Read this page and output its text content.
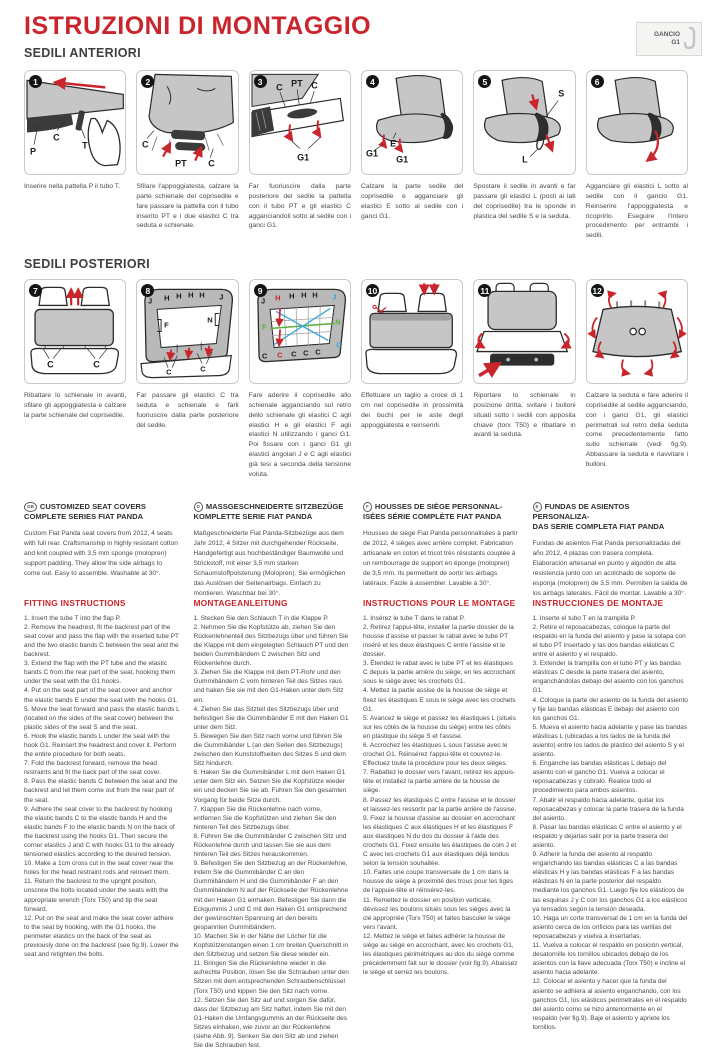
ISTRUZIONI DI MONTAGGIO
SEDILI ANTERIORI
GANCIO
G1
1
P
C
T
Inserire nella pattella P il tubo T.
2
C
PT C
Sfilare l'appoggiatesta, calzare la parte schienale del coprisedile e fare passare la pattella con il tubo inserito PT e i due elastici C tra seduta e schienale.
3
C PT C
G1
Far fuoriuscire dalla parte posteriore del sedile la pattella con il tubo PT e gli elastici C agganciandoli sotto al sedile con i ganci G1.
4
G1
E
G1
Calzare la parte sedile del coprisedile e agganciare gli elastici E sotto al sedile con i ganci G1.
5
S
L
Spostare il sedile in avanti e far passare gli elastici L (posti ai lati del coprisedile) tra le sponde in plastica del sedile S e la seduta.
6
Agganciare gli elastici L sotto al sedile con il gancio G1. Reinserire l'appoggiatesta e ricoprirlo. Eseguire l'intero procedimento per entrambi i sedili.
SEDILI POSTERIORI
7
C	C
Ribaltare lo schienale in avanti, sfilare gli appoggiatesta e calzare la parte schienale del coprisedile.
8
J H H H H J
F
N
C	C
Far passare gli elastici C tra seduta e schienale e farli fuoriuscire dalla parte posteriore del sedile.
9
J H H H H J
F
N
C C C C C
C
Fare aderire il coprisedile allo schienale agganciando sul retro dello schienale gli elastici C agli elastici H e gli elastici F agli elastici N utilizzando i ganci G1. Poi fissare con i ganci G1 gli elastici angolari J e C agli elastici già tesi a seconda della tensione voluta.
10
Effettuare un taglio a croce di 1 cm nel coprisedile in prossimità dei buchi per le aste degli appoggiatesta e reinserirli.
11
Riportare lo schienale in posizione dritta, svitare i bulloni situati sotto i sedili con apposita chiave (torx T50) e ribaltare in avanti la seduta.
12
Calzare la seduta e fare aderire il coprisedile al sedile agganciando, con i ganci G1, gli elastici perimetrali sul retro della seduta come precedentemente fatto sullo schienale (vedi fig.9). Abbassare la seduta e riavvitare i bulloni.

GB CUSTOMIZED SEAT COVERS
COMPLETE SERIES FIAT PANDA

Custom Fiat Panda seat covers from 2012, 4 seats with full rear. Craftsmanship in highly resistant cotton and knit coupled with 3,5 mm sponge (molopren) support padding. They allow the side airbags to come out. Easy to assemble. Washable at 30°.

FITTING INSTRUCTIONS

1. Insert the tube T into the flap P.

2. Remove the headrest, fit the backrest part of the seat cover and pass the flap with the inserted tube PT and the two elastic bands C between the seat and the backrest.

3. Extend the flap with the PT tube and the elastic bands C from the rear part of the seat, hooking them under the seat with the G1 hooks.

4. Put on the seat part of the seat cover and anchor the elastic bands E under the seat with the hooks G1.

5. Move the seat forward and pass the elastic bands L (located on the sides of the seat cover) between the plastic sides of the seat S and the seat.

6. Hook the elastic bands L under the seat with the hook G1. Reinsert the headrest and cover it. Perform the entire procedure for both seats.

7. Fold the backrest forward, remove the head restraints and fit the back part of the seat cover.

8. Pass the elastic bands C between the seat and the backrest and let them come out from the rear part of the seat.

9. Adhere the seat cover to the backrest by hooking the elastic bands C to the elastic bands H and the elastic bands F to the elastic bands N on the back of the backrest using the hooks G1. Then secure the corner elastics J and C with hooks G1 to the already tensioned elastics according to the desired tension.

10. Make a 1cm cross cut in the seat cover near the holes for the head restraint rods and reinsert them.

11. Return the backrest to the upright position, unscrew the bolts located under the seats with the appropriate wrench (Torx T50) and tip the seat forward.

12. Put on the seat and make the seat cover adhere to the seat by hooking, with the G1 hooks, the perimeter elastics on the back of the seat as previously done on the backrest (see fig.9). Lower the seat and retighten the bolts.

D MASSGESCHNEIDERTE SITZBEZÜGE
KOMPLETTE SERIE FIAT PANDA

Maßgeschneiderte Fiat Panda-Sitzbezüge aus dem Jahr 2012, 4 Sitzer mit durchgehender Rückseite. Handgefertigt aus hochbeständiger Baumwolle und Strickstoff, mit einer 3,5 mm starken Schaumstoffpolsterung (Molopren). Sie ermöglichen das Auslösen der Seitenairbags. Einfach zu montieren. Waschbar bei 30°.

MONTAGEANLEITUNG

1. Stecken Sie den Schlauch T in die Klappe P.

2. Nehmen Sie die Kopfstütze ab, ziehen Sie den Rückenlehnenteil des Sitzbezugs über und führen Sie die Klappe mit dem eingelegten Schlauch PT und den beiden Gummibändern C zwischen Sitz und Rückenlehne durch.

3. Ziehen Sie die Klappe mit dem PT-Rohr und den Gummibändern C vom hinteren Teil des Sitzes raus und haken Sie sie mit den G1-Haken unter dem Sitz ein.

4. Ziehen Sie das Sitzteil des Sitzbezugs über und befestigen Sie die Gummibänder E mit den Haken G1 unter dem Sitz.

5. Bewegen Sie den Sitz nach vorne und führen Sie die Gummibänder L (an den Seiten des Sitzbezugs) zwischen den Kunststoffseiten des Sitzes S und dem Sitz hindurch.

6. Haken Sie die Gummibänder L mit dem Haken G1 unter dem Sitz ein. Setzen Sie die Kopfstütze wieder ein und decken Sie sie ab. Führen Sie den gesamten Vorgang für beide Sitze durch.

7. Klappen Sie die Rückenlehne nach vorne, entfernen Sie die Kopfstützen und ziehen Sie den hinteren Teil des Sitzbezugs über.

8. Führen Sie die Gummibänder C zwischen Sitz und Rückenlehne durch und lassen Sie sie aus dem hinteren Teil des Sitzes herauskommen.

9. Befestigen Sie den Sitzbezug an der Rückenlehne, indem Sie die Gummibänder C an den Gummibändern H und die Gummibänder F an den Gummibändern N auf der Rückseite der Rückenlehne mit den Haken G1 einhaken. Befestigen Sie dann die Eckgummis J und C mit den Haken G1 entsprechend der gewünschten Spannung an den bereits gespannten Gummibändern.

10. Machen Sie in der Nähe der Löcher für die Kopfstützenstangen einen 1 cm breiten Querschnitt in den Sitzbezug und setzen Sie diese wieder ein.

11. Bringen Sie die Rückenlehne wieder in die aufrechte Position, lösen Sie die Schrauben unter den Sitzen mit dem entsprechenden Schraubenschlüssel (Torx T50) und kippen Sie den Sitz nach vorne.

12. Setzen Sie den Sitz auf und sorgen Sie dafür, dass der Sitzbezug am Sitz haftet, indem Sie mit den G1-Haken die Umfangsgummis an der Rückseite des Sitzes einhaken, wie zuvor an der Rückenlehne (siehe Abb. 9). Senken Sie den Sitz ab und ziehen Sie die Schrauben fest.

F HOUSSES DE SIÈGE PERSONNAL-
ISÉES SÉRIE COMPLÈTE FIAT PANDA

Housses de siège Fiat Panda personnalisées à partir de 2012, 4 sièges avec arrière complet. Fabrication artisanale en coton et tricot très résistants couplée à un rembourrage de support en éponge (molopren) de 3,5 mm. Ils permettent de sortir les airbags latéraux. Facile à assembler. Lavable à 30°.

INSTRUCTIONS POUR LE MONTAGE

1. Insérez le tube T dans le rabat P.

2. Retirez l'appui-tête, installer la partie dossier de la housse d'assise et passer le rabat avec le tube PT inséré et les deux élastiques C entre l'assise et le dossier.

3. Étendez le rabat avec le tube PT et les élastiques C depuis la partie arrière du siège, en les accrochant sous le siège avec les crochets G1.

4. Mettez la partie assise de la housse de siège et fixez les élastiques E sous le siège avec les crochets G1.

5. Avancez le siège et passez les élastiques L (situés sur les côtés de la housse du siège) entre les côtés en plastique du siège S et l'assise.

6. Accrochez les élastiques L sous l'assise avec le crochet G1. Réinsérez l'appui-tête et couvrez-le. Effectuez toute la procédure pour les deux sièges.

7. Rabattez le dossier vers l'avant, retirez les appuis-tête et installez la partie arrière de la housse de siège.

8. Passez les élastiques C entre l'assise et le dossier et laissez-les ressortir par la partie arrière de l'assise.

9. Fixez la housse d'assise au dossier en accrochant les élastiques C aux élastiques H et les élastiques F aux élastiques N du dos du dossier à l'aide des crochets G1. Fixez ensuite les élastiques de coin J et C avec les crochets G1 aux élastiques déjà tendus selon la tension souhaitée.

10. Faites une coupe transversale de 1 cm dans la housse de siège à proximité des trous pour les tiges de l'appuie-tête et réinsérez-les.

11. Remettez le dossier en position verticale, dévissez les boulons situés sous les sièges avec la clé appropriée (Torx T50) et faites basculer le siège vers l'avant.

12. Mettez le siège et faites adhérer la housse de siège au siège en accrochant, avec les crochets G1, les élastiques périmétriques au dos du siège comme précédemment fait sur le dossier (voir fig.9). Abaissez le siège et serrez les boulons.

E FUNDAS DE ASIENTOS PERSONALIZA-
DAS SERIE COMPLETA FIAT PANDA

Fundas de asientos Fiat Panda personalizadas del año 2012, 4 plazas con trasera completa. Elaboración artesanal en punto y algodón de alta resistencia junto con un acolchado de soporte de esponja (molopren) de 3,5 mm. Permiten la salida de los airbags laterales. Fácil de montar. Lavable a 30°.

INSTRUCCIONES DE MONTAJE

1. Inserte el tubo T en la trampilla P.

2. Retire el reposacabezas, coloque la parte del respaldo en la funda del asiento y pase la solapa con el tubo PT insertado y las dos bandas elásticas C entre el asiento y el respaldo.

3. Extender la trampilla con el tubo PT y las bandas elásticas C desde la parte trasera del asiento, enganchándolas debajo del asiento con los ganchos G1.

4. Coloque la parte del asiento de la funda del asiento y fije las bandas elásticas E debajo del asiento con los ganchos G1.

5. Mueva el asiento hacia adelante y pase las bandas elásticas L (ubicadas a los lados de la funda del asiento) entre los lados de plástico del asiento S y el asiento.

6. Enganche las bandas elásticas L debajo del asiento con el gancho G1. Vuelva a colocar el reposacabezas y cúbralo. Realice todo el procedimiento para ambos asientos.

7. Abatir el respaldo hacia adelante, quitar los reposacabezas y colocar la parte trasera de la funda del asiento.

8. Pasar las bandas elásticas C entre el asiento y el respaldo y dejarlas salir por la parte trasera del asiento.

9. Adherir la funda del asiento al respaldo enganchando las bandas elásticas C a las bandas elásticas H y las bandas elásticas F a las bandas elásticas N en la parte posterior del respaldo mediante los ganchos G1. Luego fije los elásticos de las esquinas J y C con los ganchos G1 a los elásticos ya tensados según la tensión deseada.

10. Haga un corte transversal de 1 cm en la funda del asiento cerca de los orificios para las varillas del reposacabezas y vuelva a insertarlas.

11. Vuelva a colocar el respaldo en posición vertical, desatornille los tornillos ubicados debajo de los asientos con la llave adecuada (Torx T50) e incline el asiento hacia adelante.

12. Colocar el asiento y hacer que la funda del asiento se adhiera al asiento enganchando, con los ganchos G1, los elásticos perimetrales en el respaldo del asiento como se hizo anteriormente en el respaldo (ver fig.9). Baje el asiento y apriete los tornillos.
